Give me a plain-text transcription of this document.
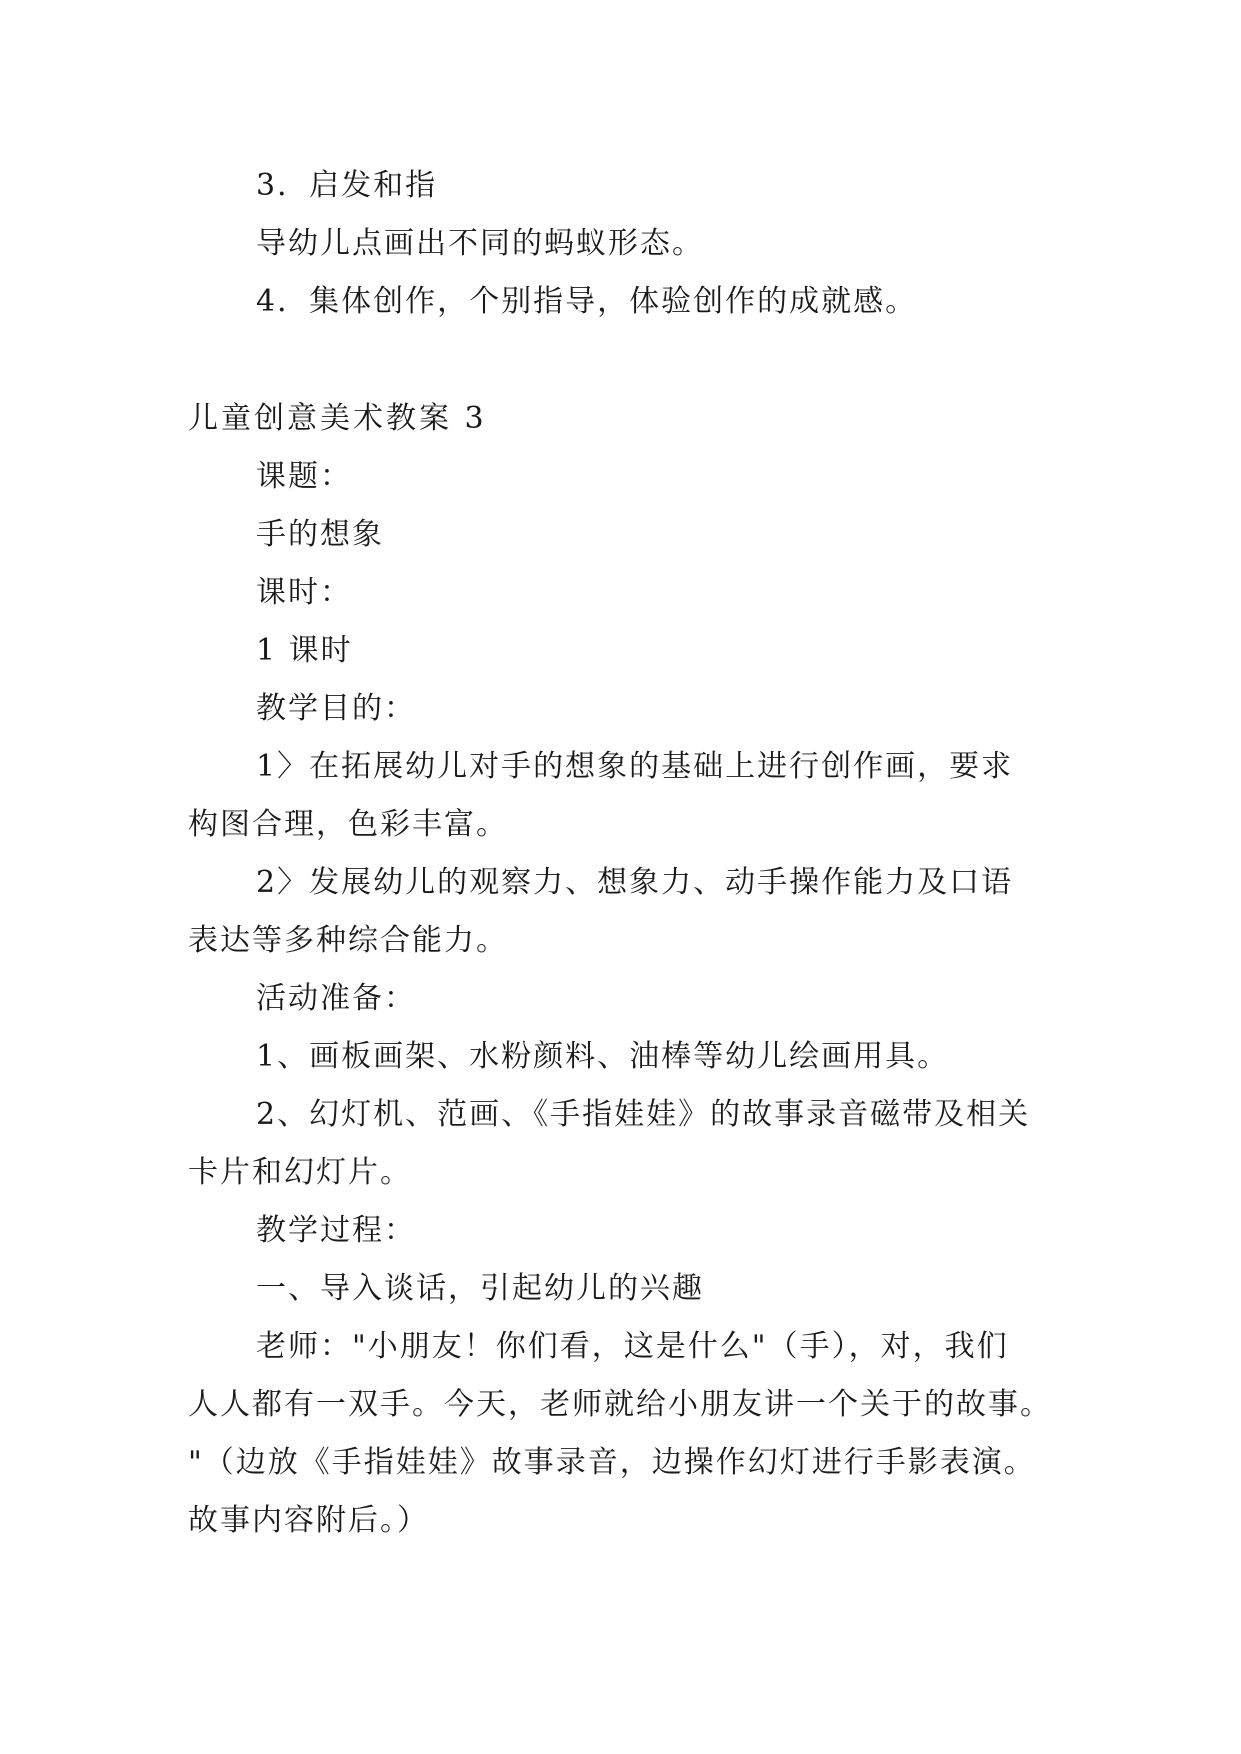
3．启发和指
导幼儿点画出不同的蚂蚁形态。
4．集体创作，个别指导，体验创作的成就感。
儿童创意美术教案 3
课题：
手的想象
课时：
1 课时
教学目的：
1〉在拓展幼儿对手的想象的基础上进行创作画，要求
构图合理，色彩丰富。
2〉发展幼儿的观察力、想象力、动手操作能力及口语
表达等多种综合能力。
活动准备：
1、画板画架、水粉颜料、油棒等幼儿绘画用具。
2、幻灯机、范画、《手指娃娃》的故事录音磁带及相关
卡片和幻灯片。
教学过程：
一、导入谈话，引起幼儿的兴趣
老师："小朋友！你们看，这是什么"（手），对，我们
人人都有一双手。今天，老师就给小朋友讲一个关于的故事。
"（边放《手指娃娃》故事录音，边操作幻灯进行手影表演。
故事内容附后。）
